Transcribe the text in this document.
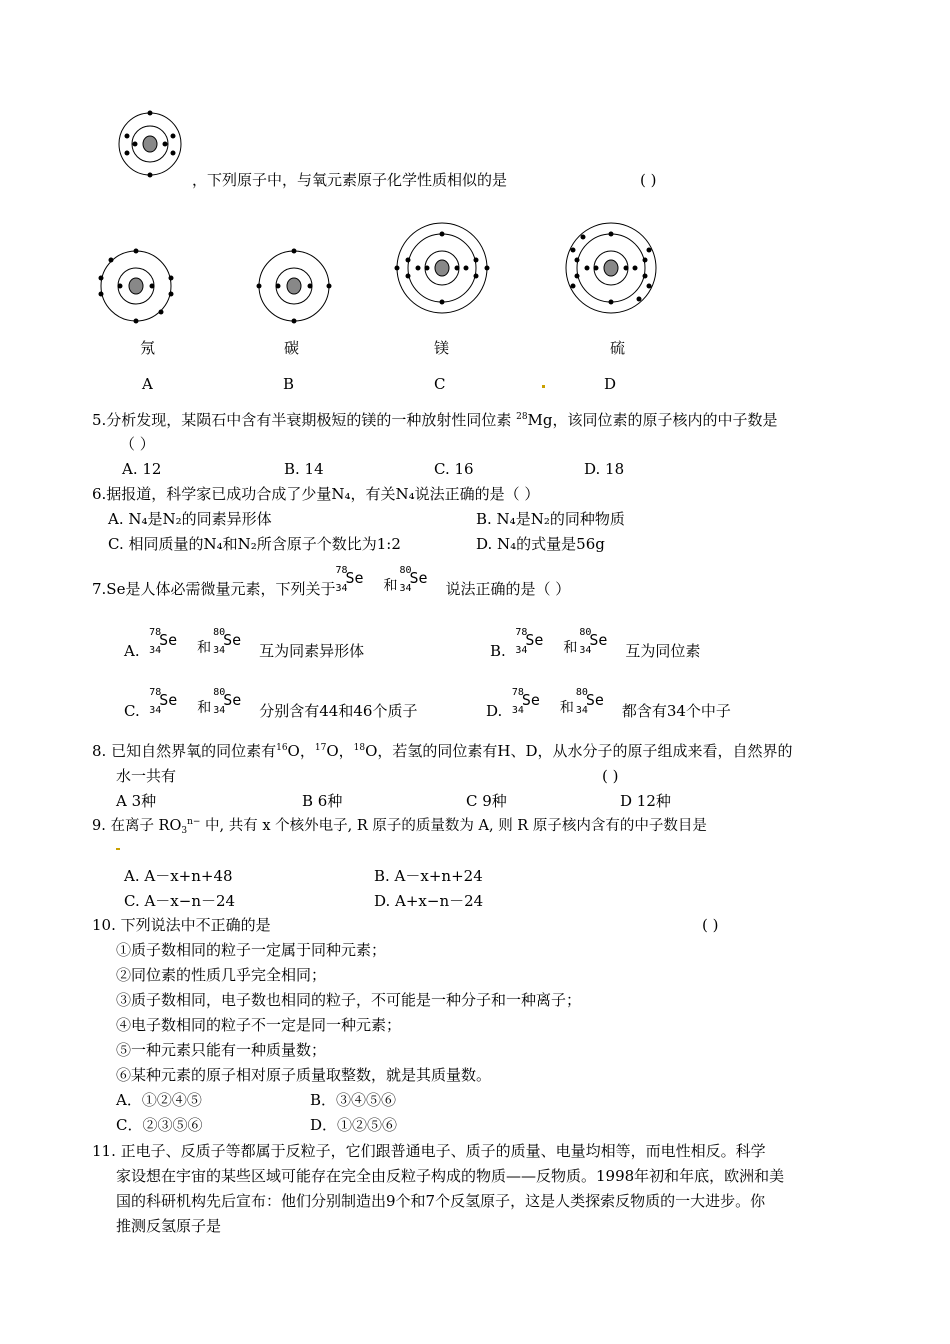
，下列原子中，与氧元素原子化学性质相似的是	( )
氖	碳	镁	硫
A	B	C	D
5.分析发现，某陨石中含有半衰期极短的镁的一种放射性同位素 $^{28}$Mg，该同位素的原子核内的中子数是
（ ）
A. 12	B. 14	C. 16	D. 18
6.据报道，科学家已成功合成了少量N₄，有关N₄说法正确的是（ ）
A. N₄是N₂的同素异形体	B. N₄是N₂的同种物质
C. 相同质量的N₄和N₂所含原子个数比为1:2	D. N₄的式量是56g
7.Se是人体必需微量元素，下列关于
78
34
Se 和
80
34
Se
说法正确的是（ ）
A.
78
34
Se 和
80
34
Se
互为同素异形体	B.
78
34
Se 和
80
34
Se
互为同位素
C.
78
34
Se 和
80
34
Se
分别含有44和46个质子	D.
78
34
Se 和
80
34
Se
都含有34个中子
8. 已知自然界氧的同位素有$^{16}$O，$^{17}$O，$^{18}$O，若氢的同位素有H、D，从水分子的原子组成来看，自然界的
水一共有	( )
A 3种	B 6种	C 9种	D 12种
9. 在离子 $RO_3^{n-}$ 中, 共有 x 个核外电子, R 原子的质量数为 A, 则 R 原子核内含有的中子数目是
A. A－x+n+48	B. A－x+n+24
C. A－x−n－24	D. A+x−n－24
10. 下列说法中不正确的是	( )
①质子数相同的粒子一定属于同种元素；
②同位素的性质几乎完全相同；
③质子数相同，电子数也相同的粒子，不可能是一种分子和一种离子；
④电子数相同的粒子不一定是同一种元素；
⑤一种元素只能有一种质量数；
⑥某种元素的原子相对原子质量取整数，就是其质量数。
A．①②④⑤	B．③④⑤⑥
C．②③⑤⑥	D．①②⑤⑥
11. 正电子、反质子等都属于反粒子，它们跟普通电子、质子的质量、电量均相等，而电性相反。科学
家设想在宇宙的某些区域可能存在完全由反粒子构成的物质——反物质。1998年初和年底，欧洲和美
国的科研机构先后宣布：他们分别制造出9个和7个反氢原子，这是人类探索反物质的一大进步。你
推测反氢原子是
